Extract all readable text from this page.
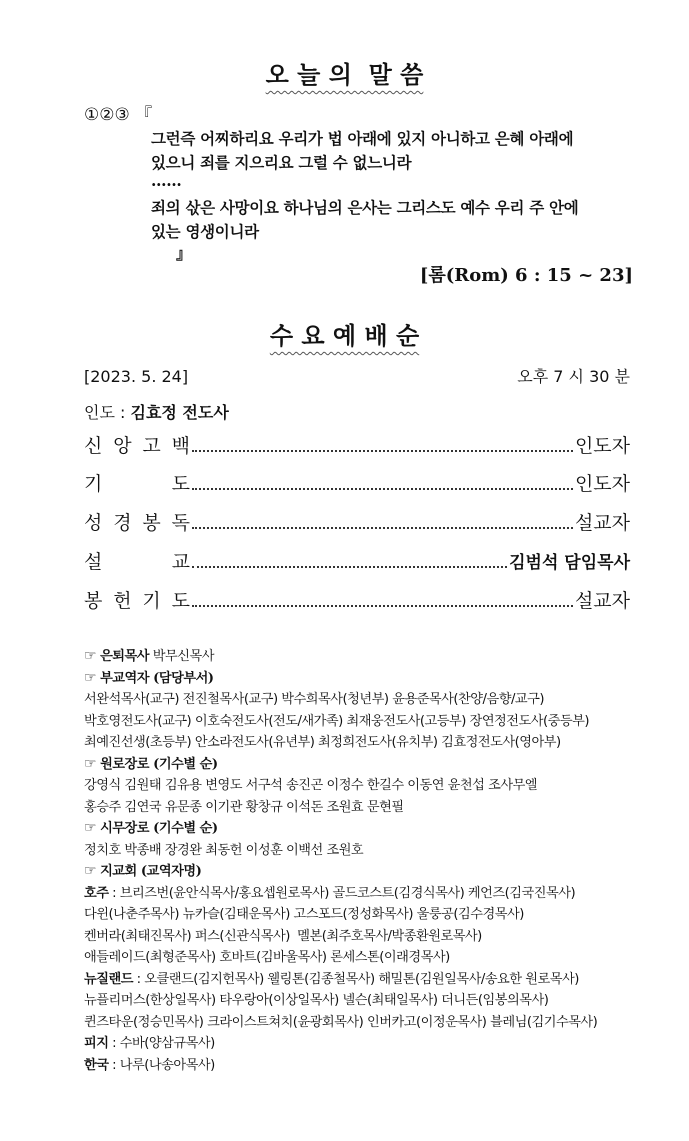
오 늘 의  말 씀
①②③ 『
그런즉 어찌하리요 우리가 법 아래에 있지 아니하고 은혜 아래에
있으니 죄를 지으리요 그럴 수 없느니라
……
죄의 삯은 사망이요 하나님의 은사는 그리스도 예수 우리 주 안에
있는 영생이니라
』
[롬(Rom) 6 : 15 ~ 23]
수 요 예 배 순
[2023. 5. 24]	오후 7 시 30 분
인도 : 김효정 전도사
신 앙 고 백	인도자
기	도	인도자
성 경 봉 독	설교자
설	교	김범석 담임목사
봉 헌 기 도	설교자
☞ 은퇴목사 박무신목사
☞ 부교역자 (담당부서)
서완석목사(교구) 전진철목사(교구) 박수희목사(청년부) 윤용준목사(찬양/음향/교구)
박호영전도사(교구) 이호숙전도사(전도/새가족) 최재웅전도사(고등부) 장연정전도사(중등부)
최예진선생(초등부) 안소라전도사(유년부) 최정희전도사(유치부) 김효정전도사(영아부)
☞ 원로장로 (기수별 순)
강영식 김원태 김유용 변영도 서구석 송진곤 이정수 한길수 이동연 윤천섭 조사무엘
홍승주 김연국 유문종 이기관 황창규 이석돈 조원효 문현필
☞ 시무장로 (기수별 순)
정치호 박종배 장경완 최동헌 이성훈 이백선 조원호
☞ 지교회 (교역자명)
호주 : 브리즈번(윤안식목사/홍요셉원로목사) 골드코스트(김경식목사) 케언즈(김국진목사)
다윈(나춘주목사) 뉴카슬(김태운목사) 고스포드(정성화목사) 울룽공(김수경목사)
켄버라(최태진목사) 퍼스(신관식목사)  멜본(최주호목사/박종환원로목사)
애들레이드(최형준목사) 호바트(김바울목사) 론세스톤(이래경목사)
뉴질랜드 : 오클랜드(김지헌목사) 웰링톤(김종철목사) 해밀톤(김원일목사/송요한 원로목사)
뉴플리머스(한상일목사) 타우랑아(이상일목사) 넬슨(최태일목사) 더니든(임봉의목사)
퀸즈타운(정승민목사) 크라이스트쳐치(윤광회목사) 인버카고(이정운목사) 블레님(김기수목사)
피지 : 수바(양삼규목사)
한국 : 나루(나송아목사)
